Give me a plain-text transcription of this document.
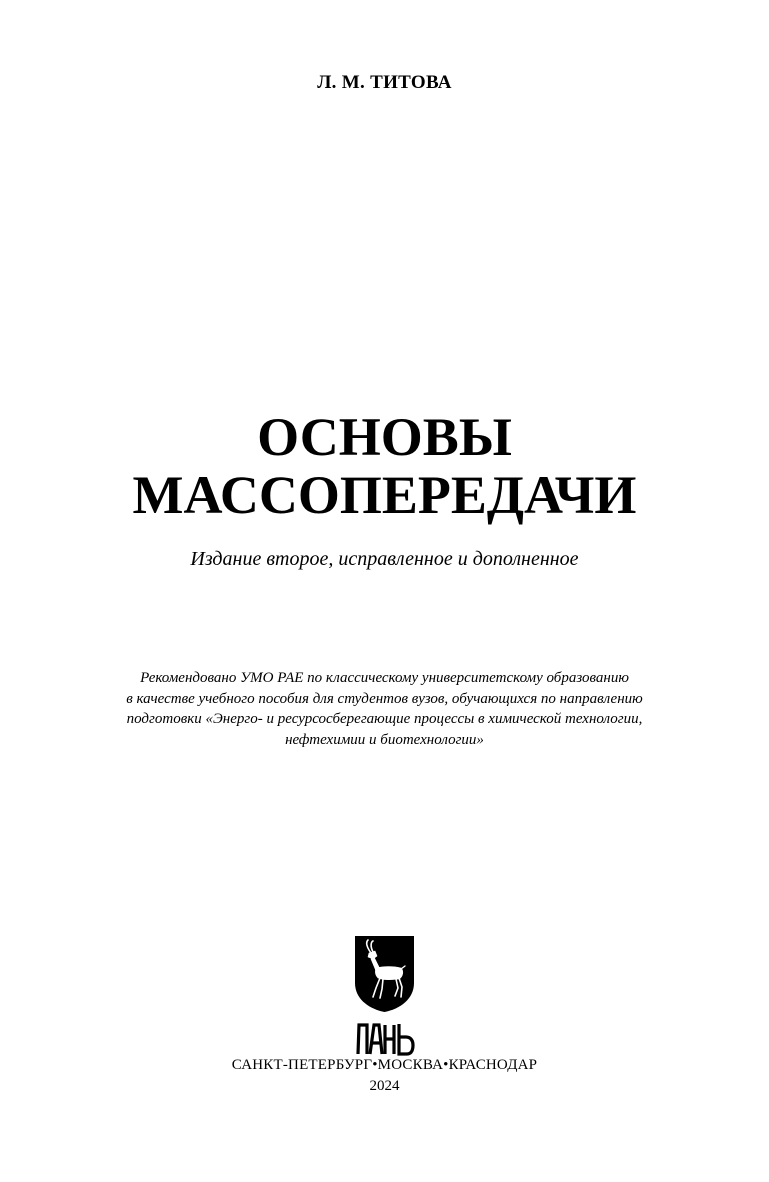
Л. М. ТИТОВА
ОСНОВЫ
МАССОПЕРЕДАЧИ
Издание второе, исправленное и дополненное
Рекомендовано УМО РАЕ по классическому университетскому образованию
в качестве учебного пособия для студентов вузов, обучающихся по направлению
подготовки «Энерго- и ресурсосберегающие процессы в химической технологии,
нефтехимии и биотехнологии»
САНКТ-ПЕТЕРБУРГ•МОСКВА•КРАСНОДАР
2024
